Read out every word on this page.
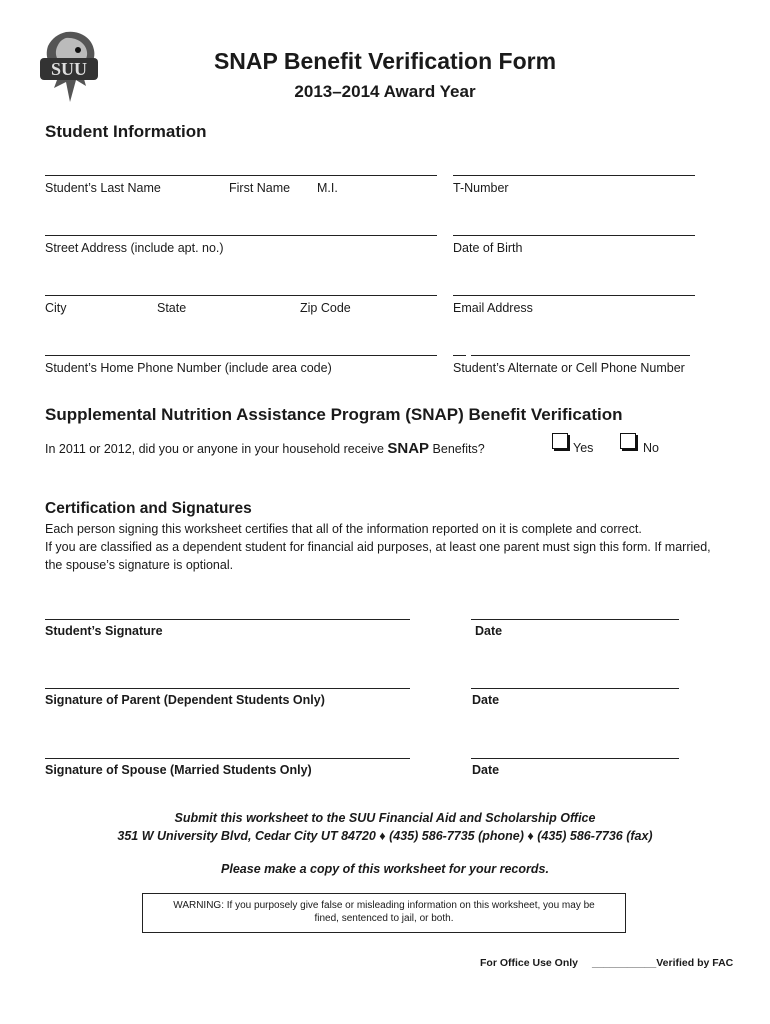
SUU	SNAP Benefit Verification Form
2013–2014 Award Year
Student Information
Student’s Last Name	First Name M.I.	T-Number
Street Address (include apt. no.)	Date of Birth
City	State	Zip Code	Email Address
Student’s Home Phone Number (include area code)	Student’s Alternate or Cell Phone Number
Supplemental Nutrition Assistance Program (SNAP) Benefit Verification
In 2011 or 2012, did you or anyone in your household receive SNAP Benefits?	Yes	No
Certification and Signatures
Each person signing this worksheet certifies that all of the information reported on it is complete and correct.
If you are classified as a dependent student for financial aid purposes, at least one parent must sign this form. If married, the spouse’s signature is optional.
Student’s Signature	Date
Signature of Parent (Dependent Students Only)	Date
Signature of Spouse (Married Students Only)	Date
Submit this worksheet to the SUU Financial Aid and Scholarship Office
351 W University Blvd, Cedar City UT 84720 ♦ (435) 586-7735 (phone) ♦ (435) 586-7736 (fax)
Please make a copy of this worksheet for your records.
WARNING: If you purposely give false or misleading information on this worksheet, you may be fined, sentenced to jail, or both.
For Office Use Only ___________Verified by FAC
